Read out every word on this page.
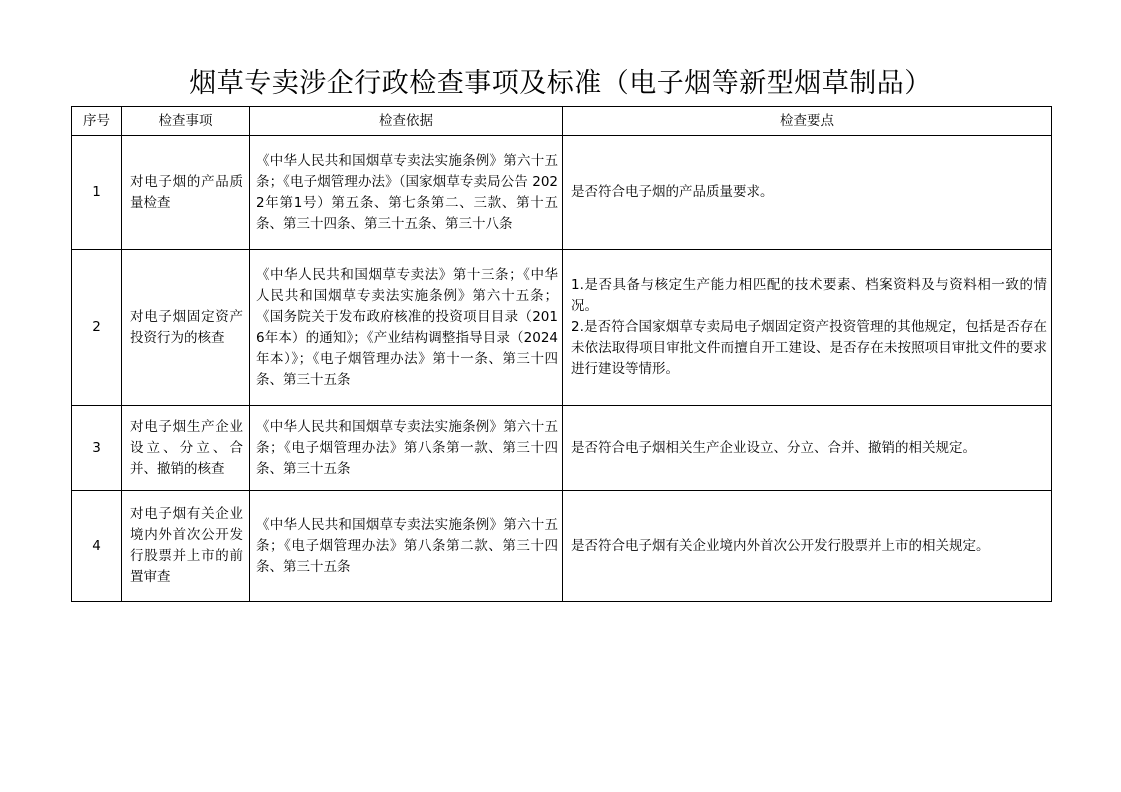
烟草专卖涉企行政检查事项及标准（电子烟等新型烟草制品）
序号	检查事项	检查依据	检查要点
1	对电子烟的产品质量检查	《中华人民共和国烟草专卖法实施条例》第六十五条；《电子烟管理办法》（国家烟草专卖局公告 2022年第1号）第五条、第七条第二、三款、第十五条、第三十四条、第三十五条、第三十八条	是否符合电子烟的产品质量要求。

2	对电子烟固定资产投资行为的核查	《中华人民共和国烟草专卖法》第十三条；《中华人民共和国烟草专卖法实施条例》第六十五条；《国务院关于发布政府核准的投资项目目录（2016年本）的通知》；《产业结构调整指导目录（2024年本）》；《电子烟管理办法》第十一条、第三十四条、第三十五条	1.是否具备与核定生产能力相匹配的技术要素、档案资料及与资料相一致的情况。
2.是否符合国家烟草专卖局电子烟固定资产投资管理的其他规定，包括是否存在未依法取得项目审批文件而擅自开工建设、是否存在未按照项目审批文件的要求进行建设等情形。

3	对电子烟生产企业设立、分立、合并、撤销的核查	《中华人民共和国烟草专卖法实施条例》第六十五条；《电子烟管理办法》第八条第一款、第三十四条、第三十五条	是否符合电子烟相关生产企业设立、分立、合并、撤销的相关规定。

4	对电子烟有关企业境内外首次公开发行股票并上市的前置审查	《中华人民共和国烟草专卖法实施条例》第六十五条；《电子烟管理办法》第八条第二款、第三十四条、第三十五条	是否符合电子烟有关企业境内外首次公开发行股票并上市的相关规定。
